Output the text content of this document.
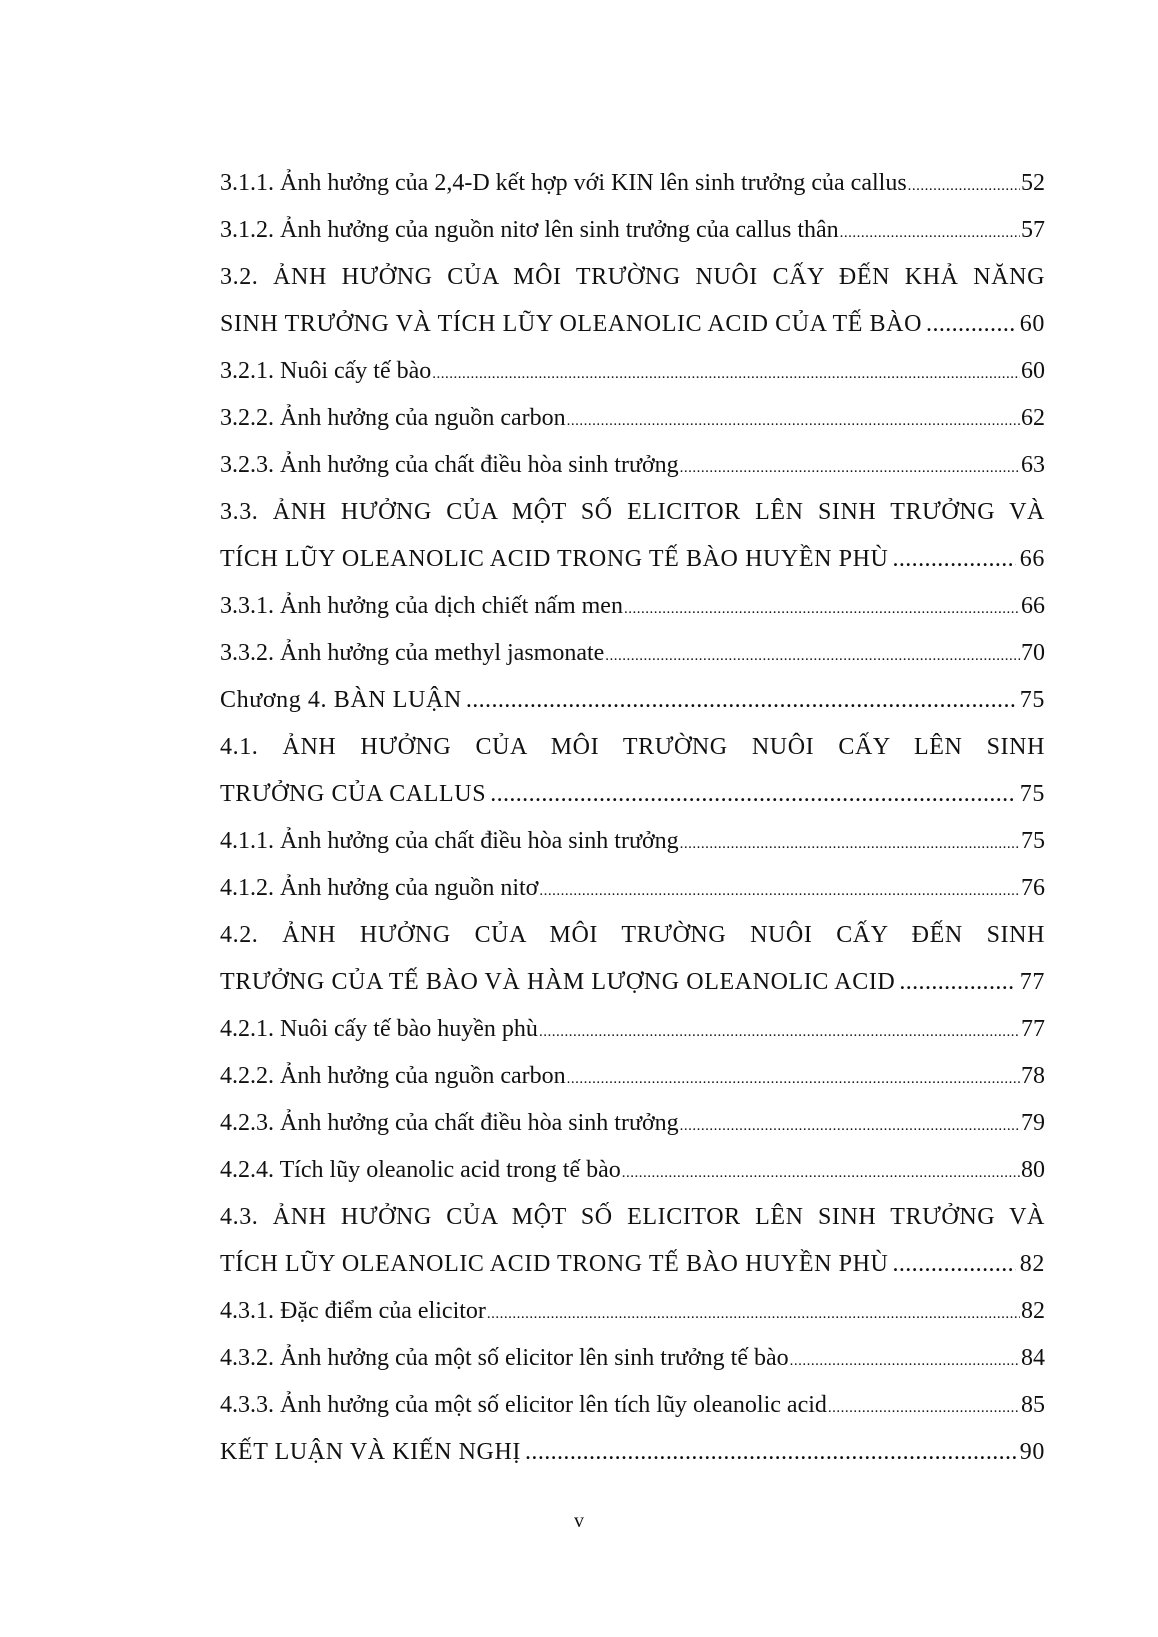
3.1.1. Ảnh hưởng của 2,4-D kết hợp với KIN lên sinh trưởng của callus .....	52
3.1.2. Ảnh hưởng của nguồn nitơ lên sinh trưởng của callus thân .....	57
3.2. ẢNH HƯỞNG CỦA MÔI TRƯỜNG NUÔI CẤY ĐẾN KHẢ NĂNG
SINH TRƯỞNG VÀ TÍCH LŨY OLEANOLIC ACID CỦA TẾ BÀO .....	60
3.2.1. Nuôi cấy tế bào .....	60
3.2.2. Ảnh hưởng của nguồn carbon .....	62
3.2.3. Ảnh hưởng của chất điều hòa sinh trưởng .....	63
3.3. ẢNH HƯỞNG CỦA MỘT SỐ ELICITOR LÊN SINH TRƯỞNG VÀ
TÍCH LŨY OLEANOLIC ACID TRONG TẾ BÀO HUYỀN PHÙ .....	66
3.3.1. Ảnh hưởng của dịch chiết nấm men .....	66
3.3.2. Ảnh hưởng của methyl jasmonate .....	70
Chương 4. BÀN LUẬN .....	75
4.1. ẢNH HƯỞNG CỦA MÔI TRƯỜNG NUÔI CẤY LÊN SINH
TRƯỞNG CỦA CALLUS .....	75
4.1.1. Ảnh hưởng của chất điều hòa sinh trưởng .....	75
4.1.2. Ảnh hưởng của nguồn nitơ .....	76
4.2. ẢNH HƯỞNG CỦA MÔI TRƯỜNG NUÔI CẤY ĐẾN SINH
TRƯỞNG CỦA TẾ BÀO VÀ HÀM LƯỢNG OLEANOLIC ACID .....	77
4.2.1. Nuôi cấy tế bào huyền phù .....	77
4.2.2. Ảnh hưởng của nguồn carbon .....	78
4.2.3. Ảnh hưởng của chất điều hòa sinh trưởng .....	79
4.2.4. Tích lũy oleanolic acid trong tế bào .....	80
4.3. ẢNH HƯỞNG CỦA MỘT SỐ ELICITOR LÊN SINH TRƯỞNG VÀ
TÍCH LŨY OLEANOLIC ACID TRONG TẾ BÀO HUYỀN PHÙ .....	82
4.3.1. Đặc điểm của elicitor .....	82
4.3.2. Ảnh hưởng của một số elicitor lên sinh trưởng tế bào .....	84
4.3.3. Ảnh hưởng của một số elicitor lên tích lũy oleanolic acid .....	85
KẾT LUẬN VÀ KIẾN NGHỊ .....	90
v
